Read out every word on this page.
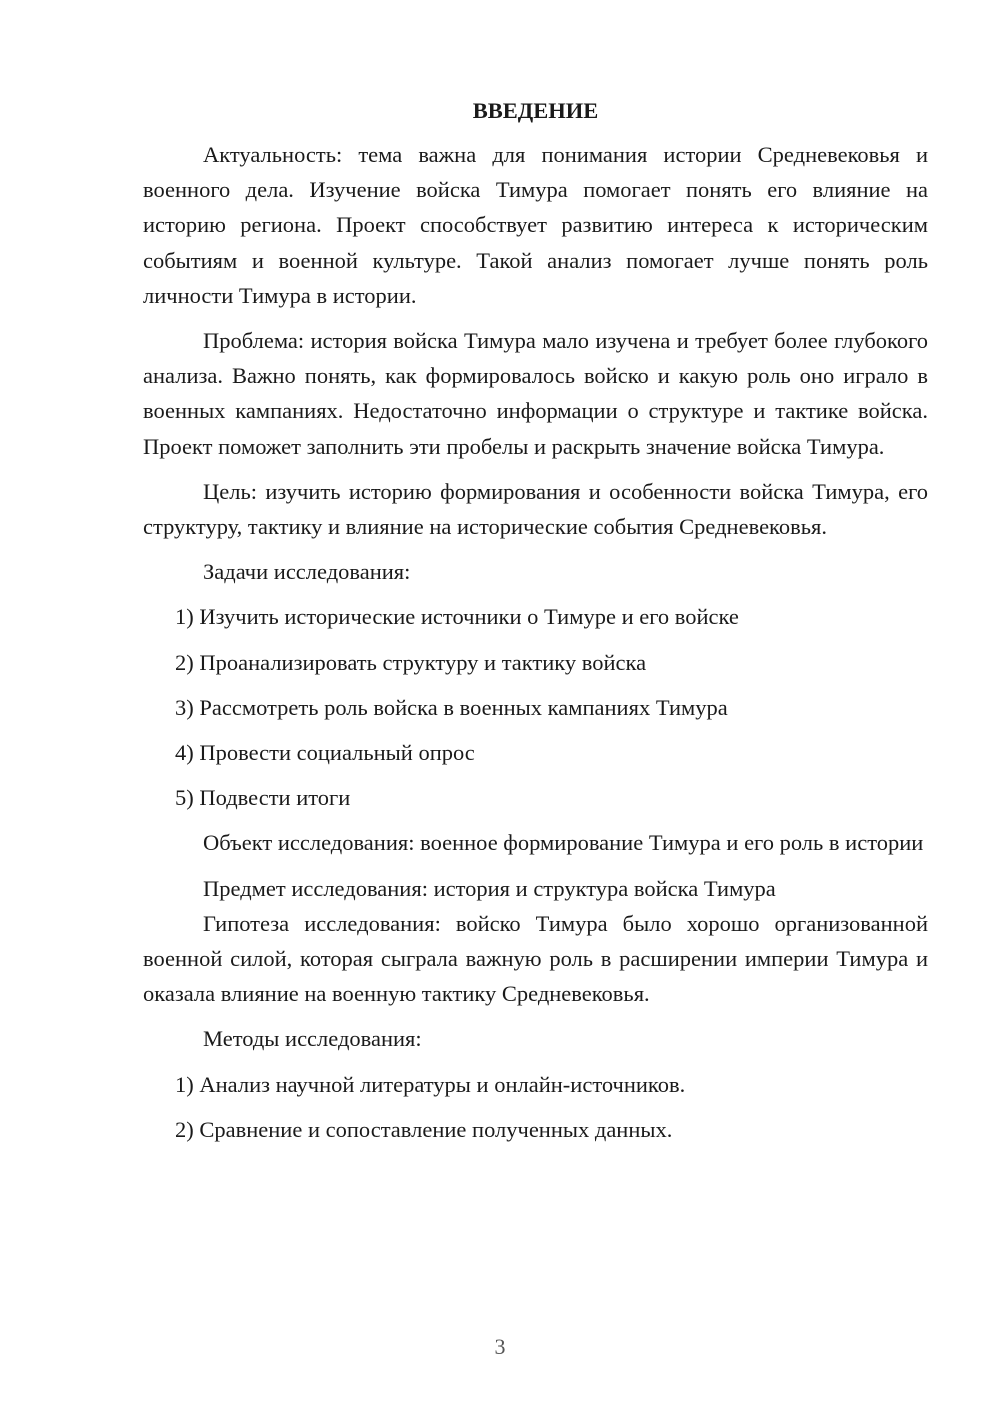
ВВЕДЕНИЕ

Актуальность: тема важна для понимания истории Средневековья и военного дела. Изучение войска Тимура помогает понять его влияние на историю региона. Проект способствует развитию интереса к историческим событиям и военной культуре. Такой анализ помогает лучше понять роль личности Тимура в истории.

Проблема: история войска Тимура мало изучена и требует более глубокого анализа. Важно понять, как формировалось войско и какую роль оно играло в военных кампаниях. Недостаточно информации о структуре и тактике войска. Проект поможет заполнить эти пробелы и раскрыть значение войска Тимура.

Цель: изучить историю формирования и особенности войска Тимура, его структуру, тактику и влияние на исторические события Средневековья.

Задачи исследования:

1) Изучить исторические источники о Тимуре и его войске

2) Проанализировать структуру и тактику войска

3) Рассмотреть роль войска в военных кампаниях Тимура

4) Провести социальный опрос

5) Подвести итоги

Объект исследования: военное формирование Тимура и его роль в истории

Предмет исследования: история и структура войска Тимура

Гипотеза исследования: войско Тимура было хорошо организованной военной силой, которая сыграла важную роль в расширении империи Тимура и оказала влияние на военную тактику Средневековья.

Методы исследования:

1) Анализ научной литературы и онлайн-источников.

2) Сравнение и сопоставление полученных данных.

3
